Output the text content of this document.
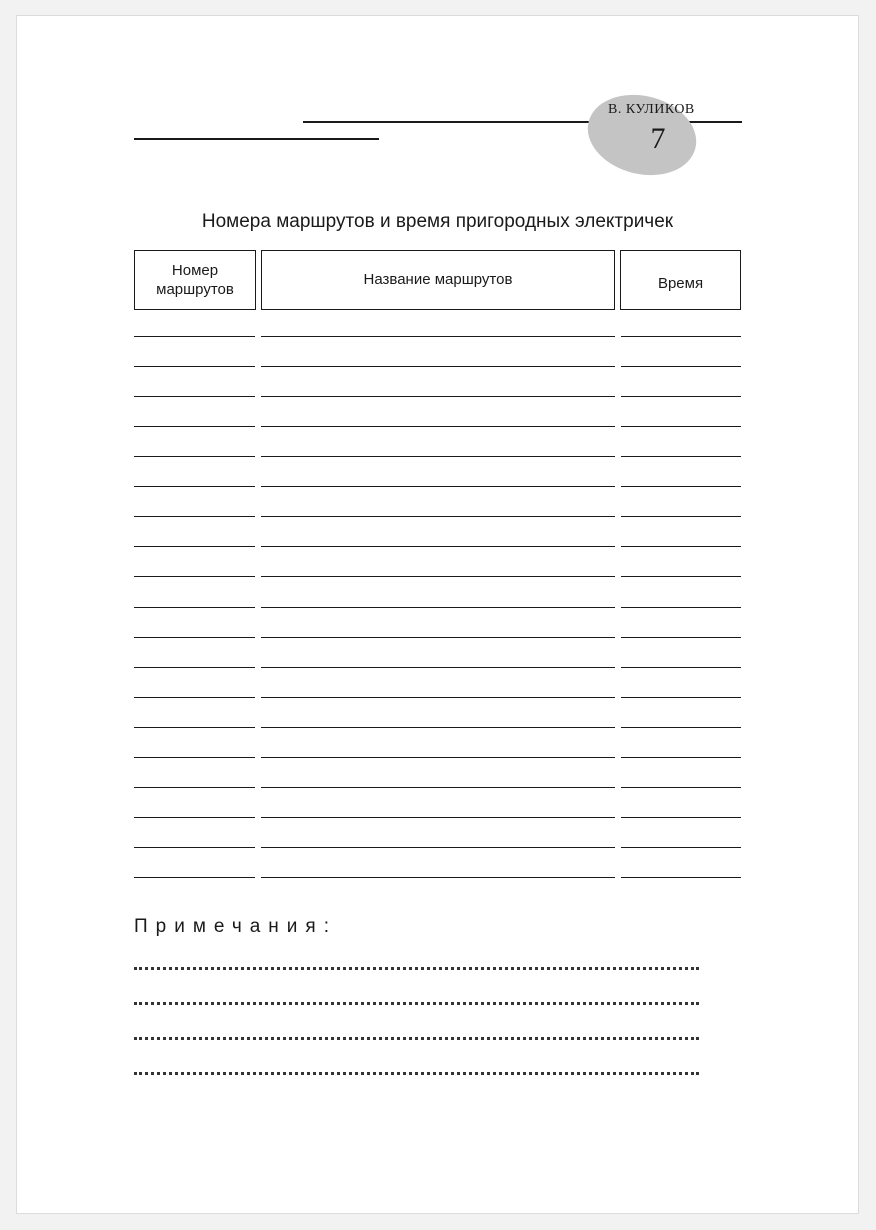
В. КУЛИКОВ
7
Номера маршрутов и время пригородных электричек
Номер маршрутов
Название маршрутов	Время
Примечания:
